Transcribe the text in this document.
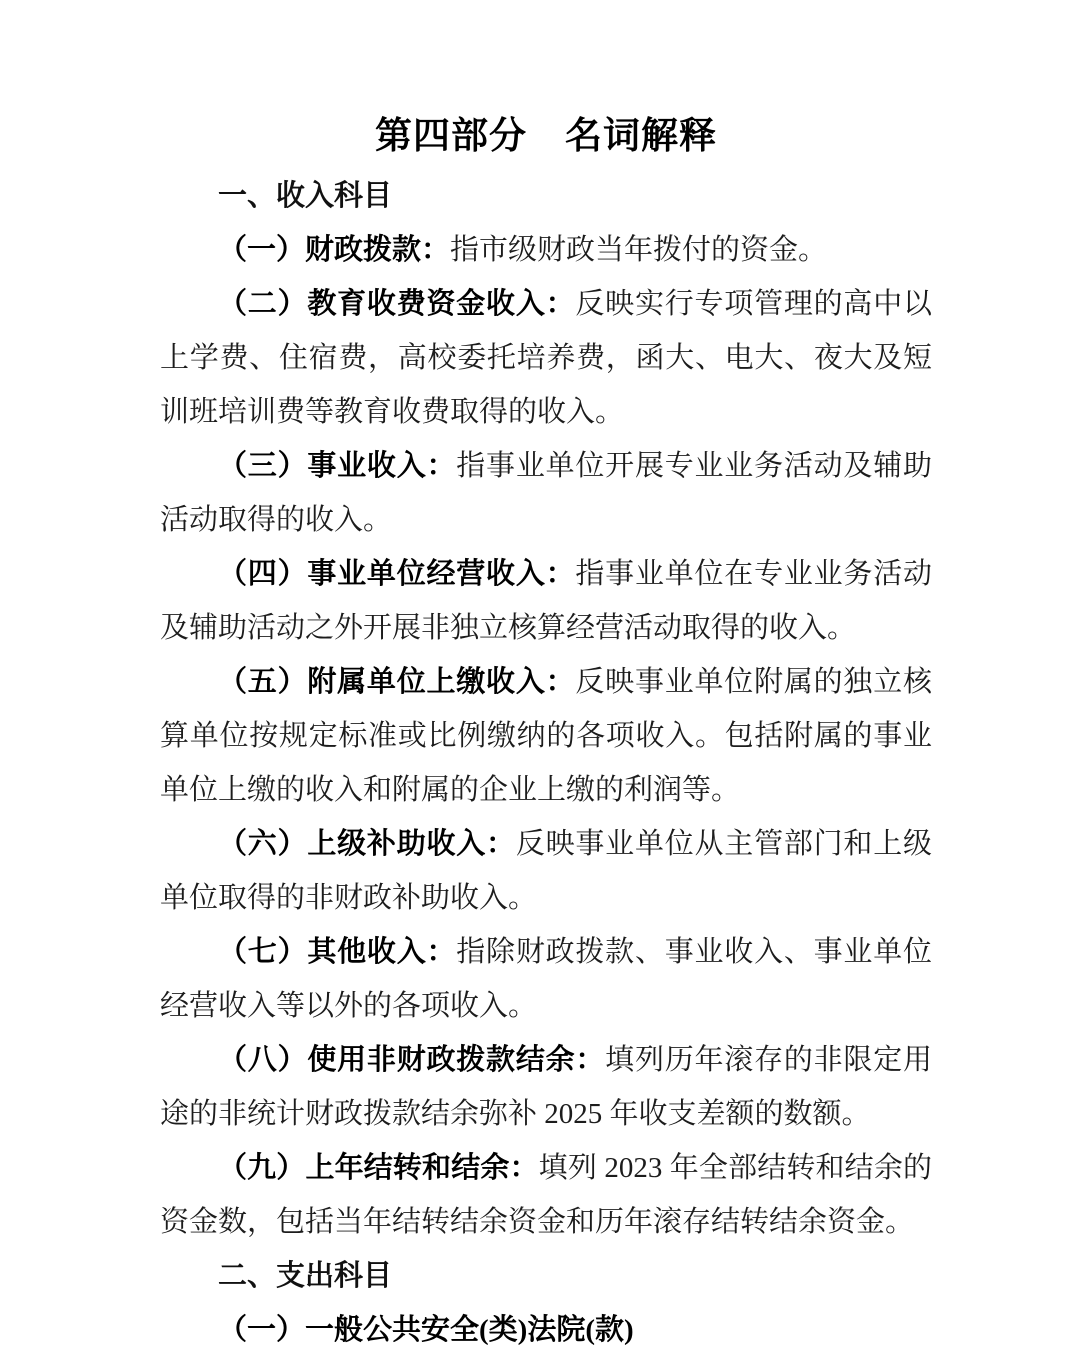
第四部分　名词解释

一、收入科目

（一）财政拨款：指市级财政当年拨付的资金。

（二）教育收费资金收入：反映实行专项管理的高中以上学费、住宿费，高校委托培养费，函大、电大、夜大及短训班培训费等教育收费取得的收入。

（三）事业收入：指事业单位开展专业业务活动及辅助活动取得的收入。

（四）事业单位经营收入：指事业单位在专业业务活动及辅助活动之外开展非独立核算经营活动取得的收入。

（五）附属单位上缴收入：反映事业单位附属的独立核算单位按规定标准或比例缴纳的各项收入。包括附属的事业单位上缴的收入和附属的企业上缴的利润等。

（六）上级补助收入：反映事业单位从主管部门和上级单位取得的非财政补助收入。

（七）其他收入：指除财政拨款、事业收入、事业单位经营收入等以外的各项收入。

（八）使用非财政拨款结余：填列历年滚存的非限定用途的非统计财政拨款结余弥补 2025 年收支差额的数额。

（九）上年结转和结余：填列 2023 年全部结转和结余的资金数，包括当年结转结余资金和历年滚存结转结余资金。

二、支出科目

（一）一般公共安全(类)法院(款)
